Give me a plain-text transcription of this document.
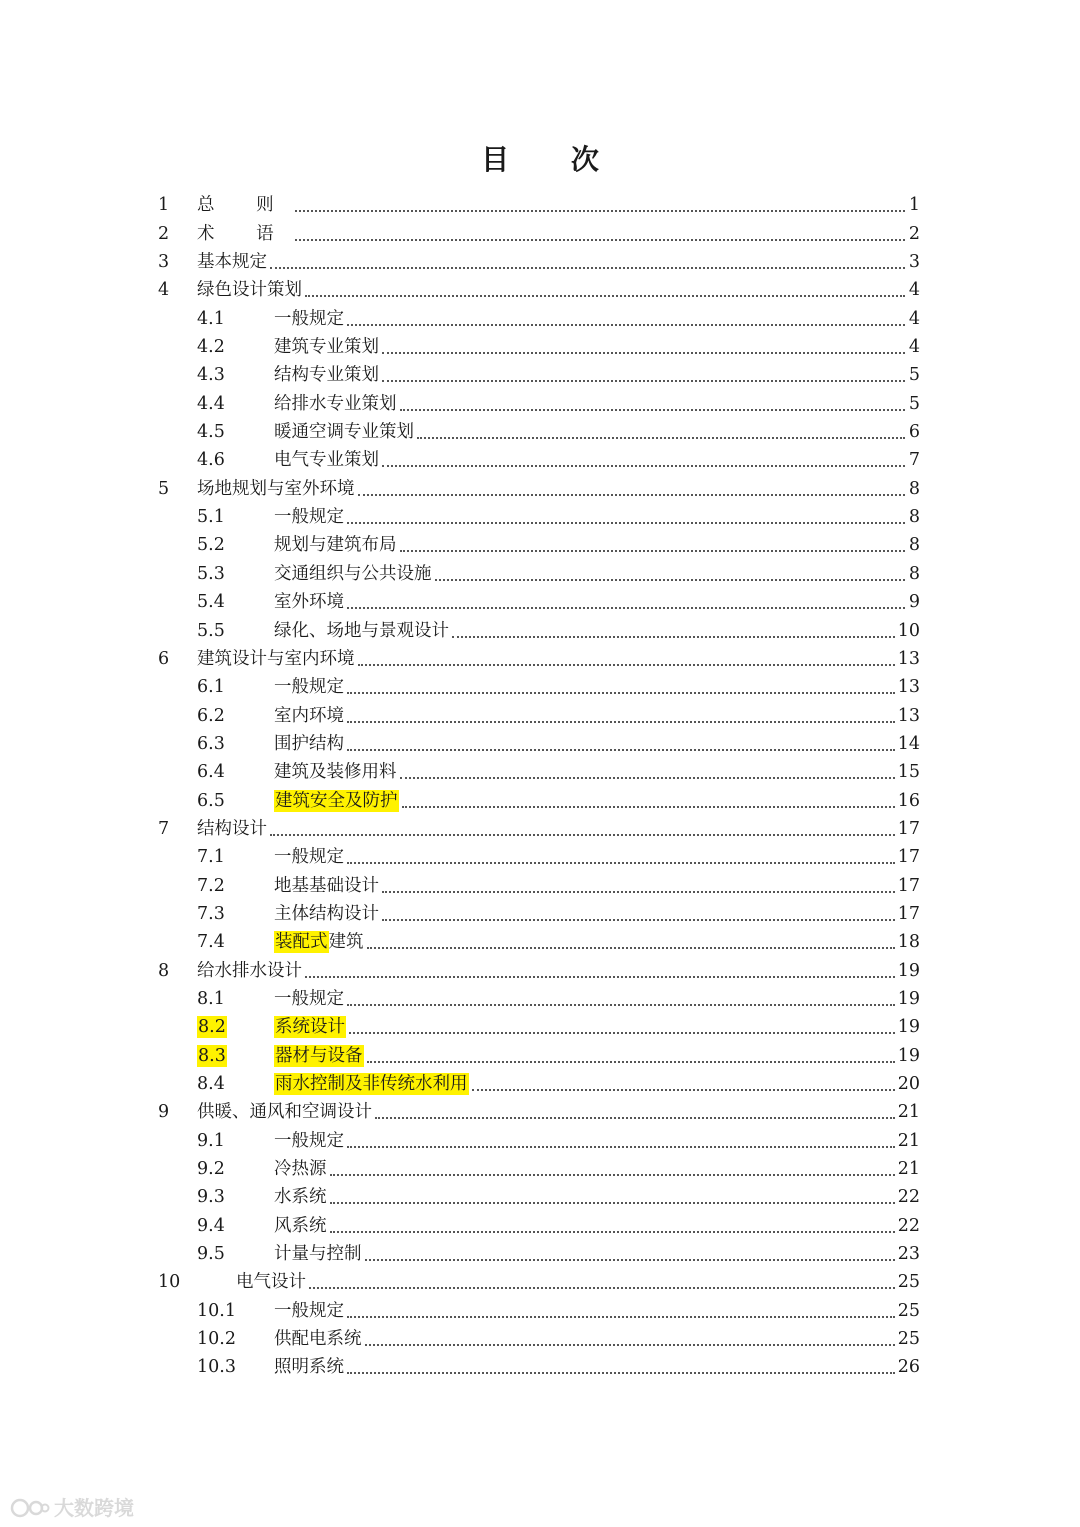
目 次
1	总 则	1
2	术 语	2
3	基本规定	3
4	绿色设计策划	4
4.1	一般规定	4
4.2	建筑专业策划	4
4.3	结构专业策划	5
4.4	给排水专业策划	5
4.5	暖通空调专业策划	6
4.6	电气专业策划	7
5	场地规划与室外环境	8
5.1	一般规定	8
5.2	规划与建筑布局	8
5.3	交通组织与公共设施	8
5.4	室外环境	9
5.5	绿化、场地与景观设计	10
6	建筑设计与室内环境	13
6.1	一般规定	13
6.2	室内环境	13
6.3	围护结构	14
6.4	建筑及装修用料	15
6.5	建筑安全及防护	16
7	结构设计	17
7.1	一般规定	17
7.2	地基基础设计	17
7.3	主体结构设计	17
7.4	装配式建筑	18
8	给水排水设计	19
8.1	一般规定	19
8.2	系统设计	19
8.3	器材与设备	19
8.4	雨水控制及非传统水利用	20
9	供暖、通风和空调设计	21
9.1	一般规定	21
9.2	冷热源	21
9.3	水系统	22
9.4	风系统	22
9.5	计量与控制	23
10	电气设计	25
10.1	一般规定	25
10.2	供配电系统	25
10.3	照明系统	26
大数跨境
